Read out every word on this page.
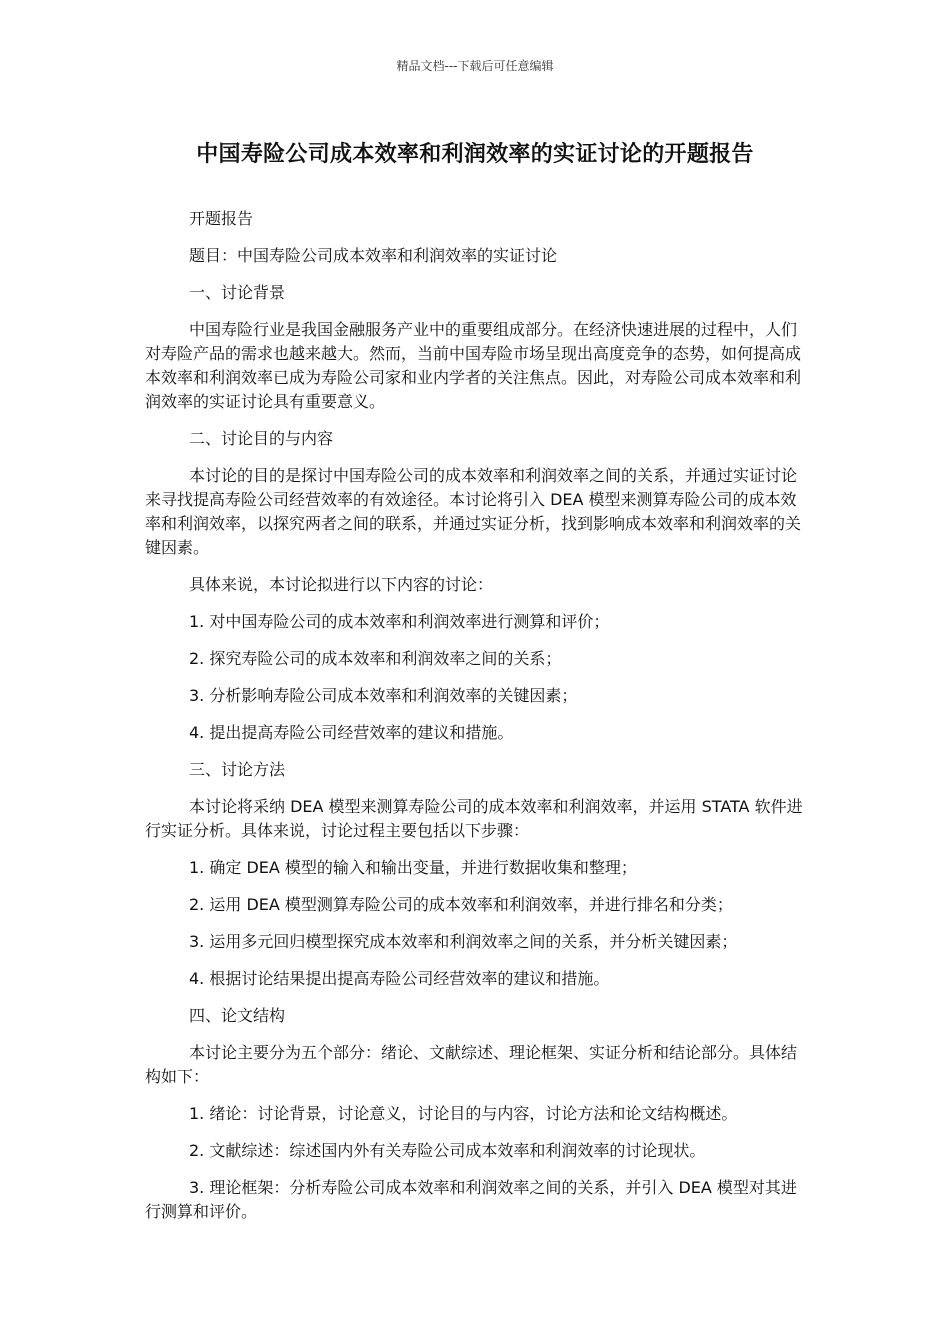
精品文档---下载后可任意编辑
中国寿险公司成本效率和利润效率的实证讨论的开题报告

开题报告

题目：中国寿险公司成本效率和利润效率的实证讨论

一、讨论背景

中国寿险行业是我国金融服务产业中的重要组成部分。在经济快速进展的过程中，人们对寿险产品的需求也越来越大。然而，当前中国寿险市场呈现出高度竞争的态势，如何提高成本效率和利润效率已成为寿险公司家和业内学者的关注焦点。因此，对寿险公司成本效率和利润效率的实证讨论具有重要意义。

二、讨论目的与内容

本讨论的目的是探讨中国寿险公司的成本效率和利润效率之间的关系，并通过实证讨论来寻找提高寿险公司经营效率的有效途径。本讨论将引入 DEA 模型来测算寿险公司的成本效率和利润效率，以探究两者之间的联系，并通过实证分析，找到影响成本效率和利润效率的关键因素。

具体来说，本讨论拟进行以下内容的讨论：

1. 对中国寿险公司的成本效率和利润效率进行测算和评价；

2. 探究寿险公司的成本效率和利润效率之间的关系；

3. 分析影响寿险公司成本效率和利润效率的关键因素；

4. 提出提高寿险公司经营效率的建议和措施。

三、讨论方法

本讨论将采纳 DEA 模型来测算寿险公司的成本效率和利润效率，并运用 STATA 软件进行实证分析。具体来说，讨论过程主要包括以下步骤：

1. 确定 DEA 模型的输入和输出变量，并进行数据收集和整理；

2. 运用 DEA 模型测算寿险公司的成本效率和利润效率，并进行排名和分类；

3. 运用多元回归模型探究成本效率和利润效率之间的关系，并分析关键因素；

4. 根据讨论结果提出提高寿险公司经营效率的建议和措施。

四、论文结构

本讨论主要分为五个部分：绪论、文献综述、理论框架、实证分析和结论部分。具体结构如下：

1. 绪论：讨论背景，讨论意义，讨论目的与内容，讨论方法和论文结构概述。

2. 文献综述：综述国内外有关寿险公司成本效率和利润效率的讨论现状。

3. 理论框架：分析寿险公司成本效率和利润效率之间的关系，并引入 DEA 模型对其进行测算和评价。
